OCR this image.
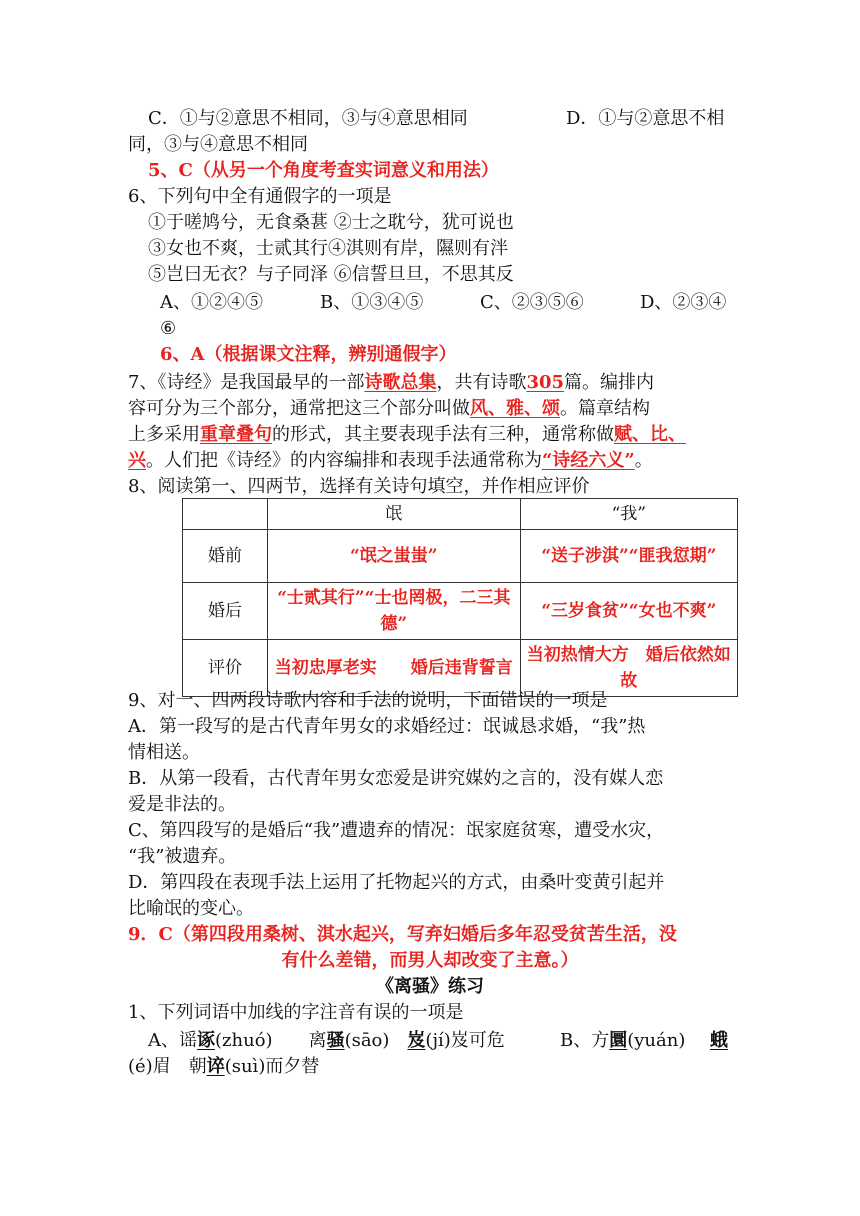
C．①与②意思不相同，③与④意思相同	D．①与②意思不相
同，③与④意思不相同
5、C（从另一个角度考查实词意义和用法）
6、下列句中全有通假字的一项是
①于嗟鸠兮，无食桑葚 ②士之耽兮，犹可说也
③女也不爽，士贰其行④淇则有岸，隰则有泮
⑤岂曰无衣？与子同泽 ⑥信誓旦旦，不思其反
A、①②④⑤	B、①③④⑤	C、②③⑤⑥	D、②③④
⑥
6、A（根据课文注释，辨别通假字）
7、《诗经》是我国最早的一部诗歌总集，共有诗歌305篇。编排内
容可分为三个部分，通常把这三个部分叫做风、雅、颂。篇章结构
上多采用重章叠句的形式，其主要表现手法有三种，通常称做赋、比、
兴。人们把《诗经》的内容编排和表现手法通常称为“诗经六义”。
8、阅读第一、四两节，选择有关诗句填空，并作相应评价
	氓	“我”
婚前	“氓之蚩蚩”	“送子涉淇”“匪我愆期”
婚后	“士贰其行”“士也罔极，二三其德”	“三岁食贫”“女也不爽”
评价	当初忠厚老实　　婚后违背誓言	当初热情大方　婚后依然如故
9、对一、四两段诗歌内容和手法的说明，下面错误的一项是
A．第一段写的是古代青年男女的求婚经过：氓诚恳求婚，“我”热
情相送。
B．从第一段看，古代青年男女恋爱是讲究媒妁之言的，没有媒人恋
爱是非法的。
C、第四段写的是婚后“我”遭遗弃的情况：氓家庭贫寒，遭受水灾，
“我”被遗弃。
D．第四段在表现手法上运用了托物起兴的方式，由桑叶变黄引起并
比喻氓的变心。
9．C（第四段用桑树、淇水起兴，写弃妇婚后多年忍受贫苦生活，没
有什么差错，而男人却改变了主意。）
《离骚》练习
1、下列词语中加线的字注音有误的一项是
A、谣诼(zhuó)　　离骚(sāo)　岌(jí)岌可危	B、方圜(yuán) 蛾
(é)眉　朝谇(suì)而夕替
